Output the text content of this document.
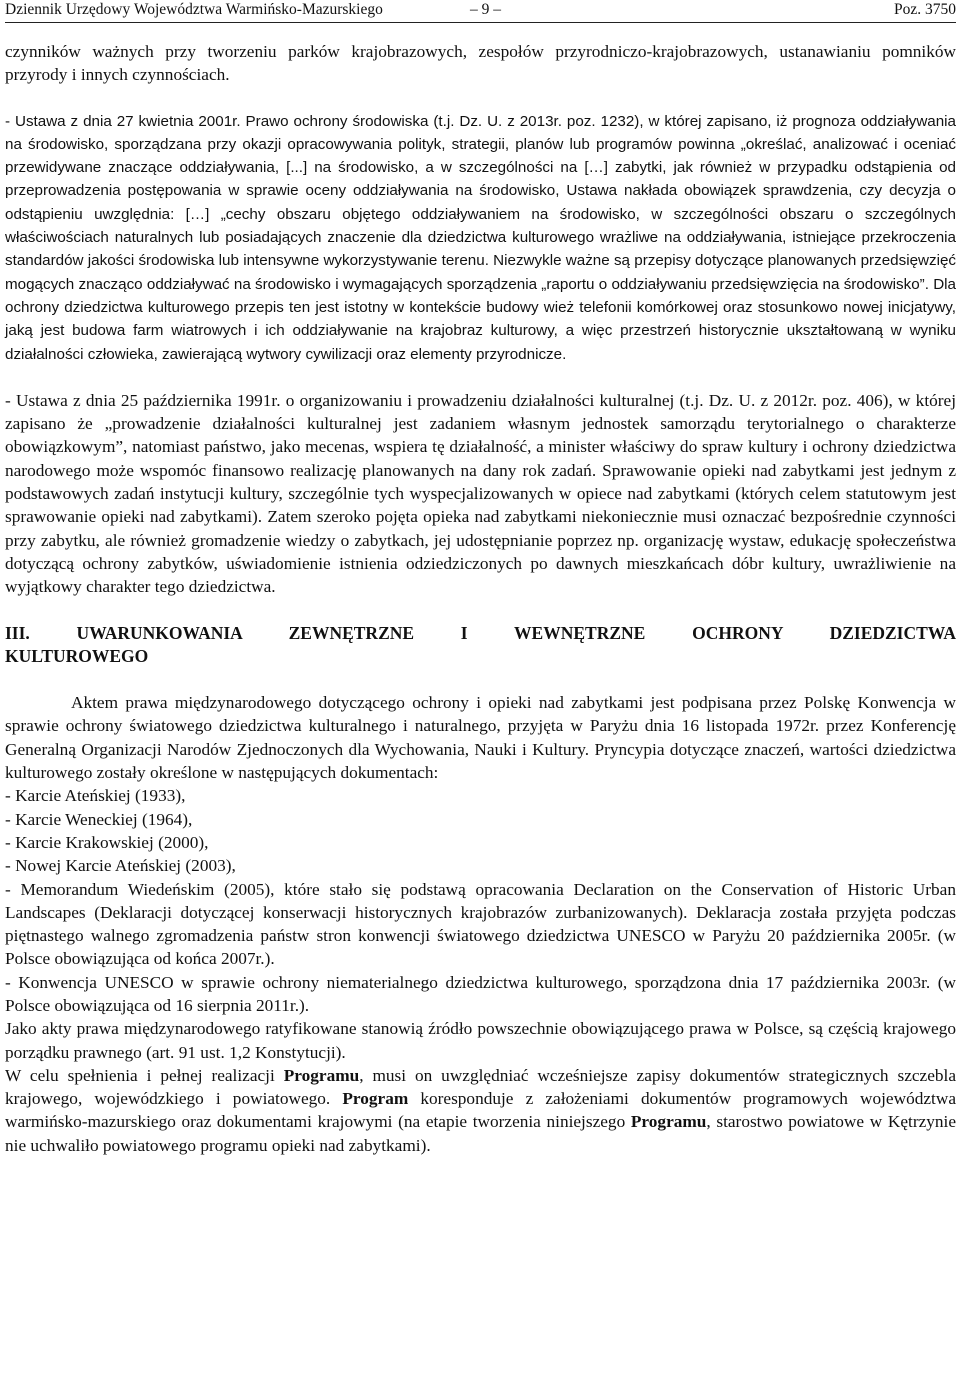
Dziennik Urzędowy Województwa Warmińsko-Mazurskiego	– 9 –	Poz. 3750

czynników ważnych przy tworzeniu parków krajobrazowych, zespołów przyrodniczo-krajobrazowych, ustanawianiu pomników przyrody i innych czynnościach.

- Ustawa z dnia 27 kwietnia 2001r. Prawo ochrony środowiska (t.j. Dz. U. z 2013r. poz. 1232), w której zapisano, iż prognoza oddziaływania na środowisko, sporządzana przy okazji opracowywania polityk, strategii, planów lub programów powinna „określać, analizować i oceniać przewidywane znaczące oddziaływania, [...] na środowisko, a w szczególności na […] zabytki, jak również w przypadku odstąpienia od przeprowadzenia postępowania w sprawie oceny oddziaływania na środowisko, Ustawa nakłada obowiązek sprawdzenia, czy decyzja o odstąpieniu uwzględnia: […] „cechy obszaru objętego oddziaływaniem na środowisko, w szczególności obszaru o szczególnych właściwościach naturalnych lub posiadających znaczenie dla dziedzictwa kulturowego wrażliwe na oddziaływania, istniejące przekroczenia standardów jakości środowiska lub intensywne wykorzystywanie terenu. Niezwykle ważne są przepisy dotyczące planowanych przedsięwzięć mogących znacząco oddziaływać na środowisko i wymagających sporządzenia „raportu o oddziaływaniu przedsięwzięcia na środowisko”. Dla ochrony dziedzictwa kulturowego przepis ten jest istotny w kontekście budowy wież telefonii komórkowej oraz stosunkowo nowej inicjatywy, jaką jest budowa farm wiatrowych i ich oddziaływanie na krajobraz kulturowy, a więc przestrzeń historycznie ukształtowaną w wyniku działalności człowieka, zawierającą wytwory cywilizacji oraz elementy przyrodnicze.

- Ustawa z dnia 25 października 1991r. o organizowaniu i prowadzeniu działalności kulturalnej (t.j. Dz. U. z 2012r. poz. 406), w której zapisano że „prowadzenie działalności kulturalnej jest zadaniem własnym jednostek samorządu terytorialnego o charakterze obowiązkowym”, natomiast państwo, jako mecenas, wspiera tę działalność, a minister właściwy do spraw kultury i ochrony dziedzictwa narodowego może wspomóc finansowo realizację planowanych na dany rok zadań. Sprawowanie opieki nad zabytkami jest jednym z podstawowych zadań instytucji kultury, szczególnie tych wyspecjalizowanych w opiece nad zabytkami (których celem statutowym jest sprawowanie opieki nad zabytkami). Zatem szeroko pojęta opieka nad zabytkami niekoniecznie musi oznaczać bezpośrednie czynności przy zabytku, ale również gromadzenie wiedzy o zabytkach, jej udostępnianie poprzez np. organizację wystaw, edukację społeczeństwa dotyczącą ochrony zabytków, uświadomienie istnienia odziedziczonych po dawnych mieszkańcach dóbr kultury, uwrażliwienie na wyjątkowy charakter tego dziedzictwa.

III. UWARUNKOWANIA ZEWNĘTRZNE I WEWNĘTRZNE OCHRONY DZIEDZICTWA

KULTUROWEGO

Aktem prawa międzynarodowego dotyczącego ochrony i opieki nad zabytkami jest podpisana przez Polskę Konwencja w sprawie ochrony światowego dziedzictwa kulturalnego i naturalnego, przyjęta w Paryżu dnia 16 listopada 1972r. przez Konferencję Generalną Organizacji Narodów Zjednoczonych dla Wychowania, Nauki i Kultury. Pryncypia dotyczące znaczeń, wartości dziedzictwa kulturowego zostały określone w następujących dokumentach:

- Karcie Ateńskiej (1933),

- Karcie Weneckiej (1964),

- Karcie Krakowskiej (2000),

- Nowej Karcie Ateńskiej (2003),

- Memorandum Wiedeńskim (2005), które stało się podstawą opracowania Declaration on the Conservation of Historic Urban Landscapes (Deklaracji dotyczącej konserwacji historycznych krajobrazów zurbanizowanych). Deklaracja została przyjęta podczas piętnastego walnego zgromadzenia państw stron konwencji światowego dziedzictwa UNESCO w Paryżu 20 października 2005r. (w Polsce obowiązująca od końca 2007r.).

- Konwencja UNESCO w sprawie ochrony niematerialnego dziedzictwa kulturowego, sporządzona dnia 17 października 2003r. (w Polsce obowiązująca od 16 sierpnia 2011r.).

Jako akty prawa międzynarodowego ratyfikowane stanowią źródło powszechnie obowiązującego prawa w Polsce, są częścią krajowego porządku prawnego (art. 91 ust. 1,2 Konstytucji).

W celu spełnienia i pełnej realizacji Programu, musi on uwzględniać wcześniejsze zapisy dokumentów strategicznych szczebla krajowego, wojewódzkiego i powiatowego. Program koresponduje z założeniami dokumentów programowych województwa warmińsko-mazurskiego oraz dokumentami krajowymi (na etapie tworzenia niniejszego Programu, starostwo powiatowe w Kętrzynie nie uchwaliło powiatowego programu opieki nad zabytkami).
